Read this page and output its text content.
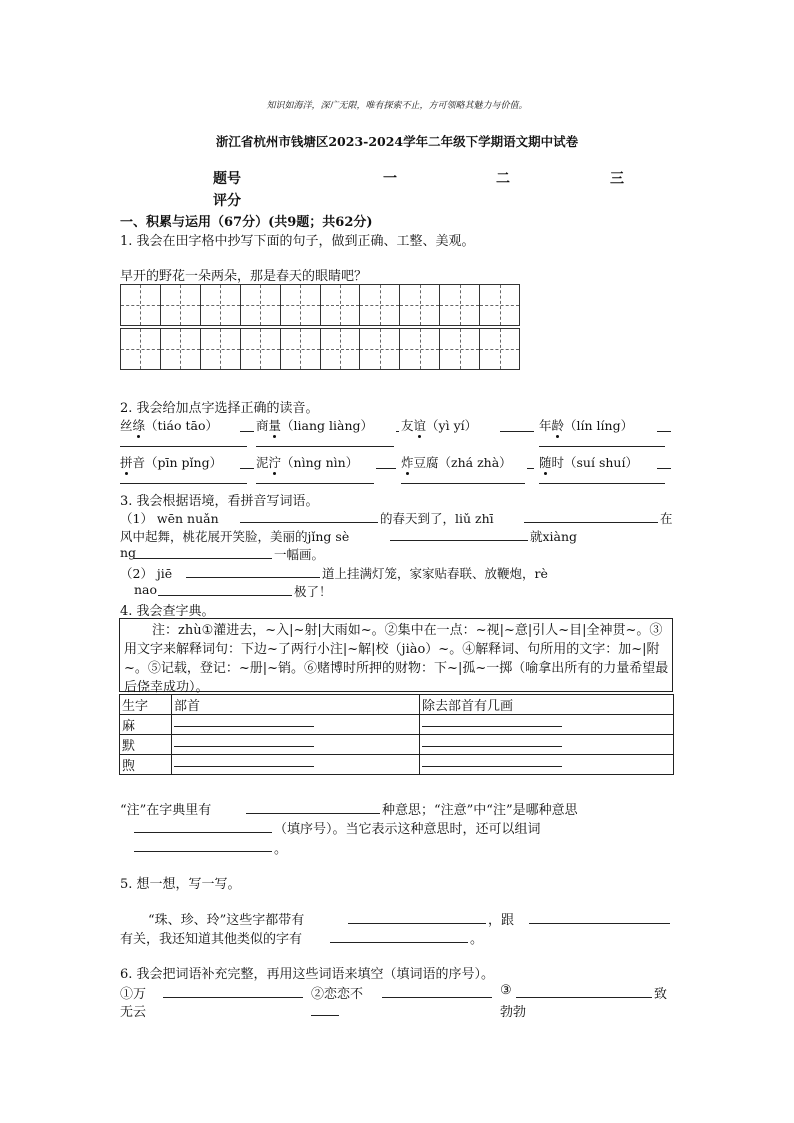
知识如海洋，深广无限，唯有探索不止，方可领略其魅力与价值。
浙江省杭州市钱塘区2023-2024学年二年级下学期语文期中试卷
题号	一	二	三
评分
一、积累与运用（67分）(共9题；共62分)
1. 我会在田字格中抄写下面的句子，做到正确、工整、美观。
早开的野花一朵两朵，那是春天的眼睛吧？
2. 我会给加点字选择正确的读音。
丝绦（tiáo tāo）	商量（liang liàng） 友谊（yì yí）	年龄（lín líng）
拼音（pīn pǐng）	泥泞（nìng nìn）	炸豆腐（zhá zhà） 随时（suí shuí）
3. 我会根据语境，看拼音写词语。
（1） wēn nuǎn	的春天到了，liǔ zhī	在
风中起舞，桃花展开笑脸，美丽的jǐng sè	就xiàng
ng	一幅画。
（2） jiē	道上挂满灯笼，家家贴春联、放鞭炮，rè
nao	极了！
4. 我会查字典。
注：zhù①灌进去，~入|~射|大雨如~。②集中在一点：~视|~意|引人~目|全神贯~。③用文字来解释词句：下边~了两行小注|~解|校（jiào）~。④解释词、句所用的文字：加~|附~。⑤记载，登记：~册|~销。⑥赌博时所押的财物：下~|孤~一掷（喻拿出所有的力量希望最后侥幸成功）。
生字	部首	除去部首有几画
麻	

默	

煦	

“注”在字典里有	种意思；“注意”中“注”是哪种意思
（填序号）。当它表示这种意思时，还可以组词
。
5. 想一想，写一写。
“珠、珍、玲”这些字都带有	，跟
有关，我还知道其他类似的字有	。
6. 我会把词语补充完整，再用这些词语来填空（填词语的序号）。
①万
无云
②恋恋不	③	致
勃勃
